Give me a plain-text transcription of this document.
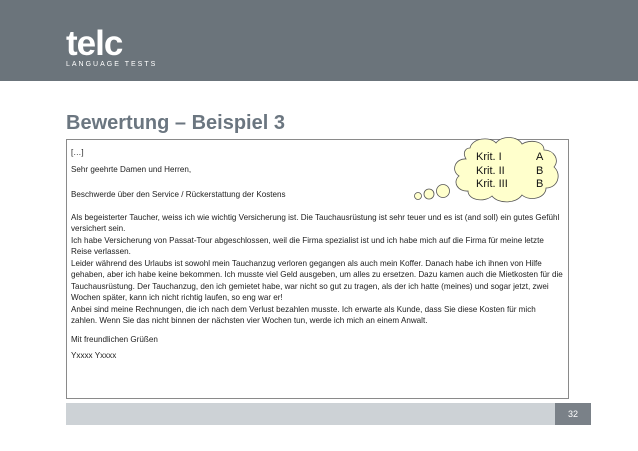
telc
LANGUAGE TESTS
Bewertung – Beispiel 3

[…]

Sehr geehrte Damen und Herren,

Beschwerde über den Service / Rückerstattung der Kostens

Als begeisterter Taucher, weiss ich wie wichtig Versicherung ist. Die Tauchausrüstung ist sehr teuer und es ist (and soll) ein gutes Gefühl versichert sein.

Ich habe Versicherung von Passat-Tour abgeschlossen, weil die Firma spezialist ist und ich habe mich auf die Firma für meine letzte Reise verlassen.

Leider während des Urlaubs ist sowohl mein Tauchanzug verloren gegangen als auch mein Koffer. Danach habe ich ihnen von Hilfe gehaben, aber ich habe keine bekommen. Ich musste viel Geld ausgeben, um alles zu ersetzen. Dazu kamen auch die Mietkosten für die Tauchausrüstung. Der Tauchanzug, den ich gemietet habe, war nicht so gut zu tragen, als der ich hatte (meines) und sogar jetzt, zwei Wochen später, kann ich nicht richtig laufen, so eng war er!

Anbei sind meine Rechnungen, die ich nach dem Verlust bezahlen musste. Ich erwarte als Kunde, dass Sie diese Kosten für mich zahlen. Wenn Sie das nicht binnen der nächsten vier Wochen tun, werde ich mich an einem Anwalt.

Mit freundlichen Grüßen

Yxxxx Yxxxx

Krit. I	A
Krit. II	B
Krit. III	B
32
